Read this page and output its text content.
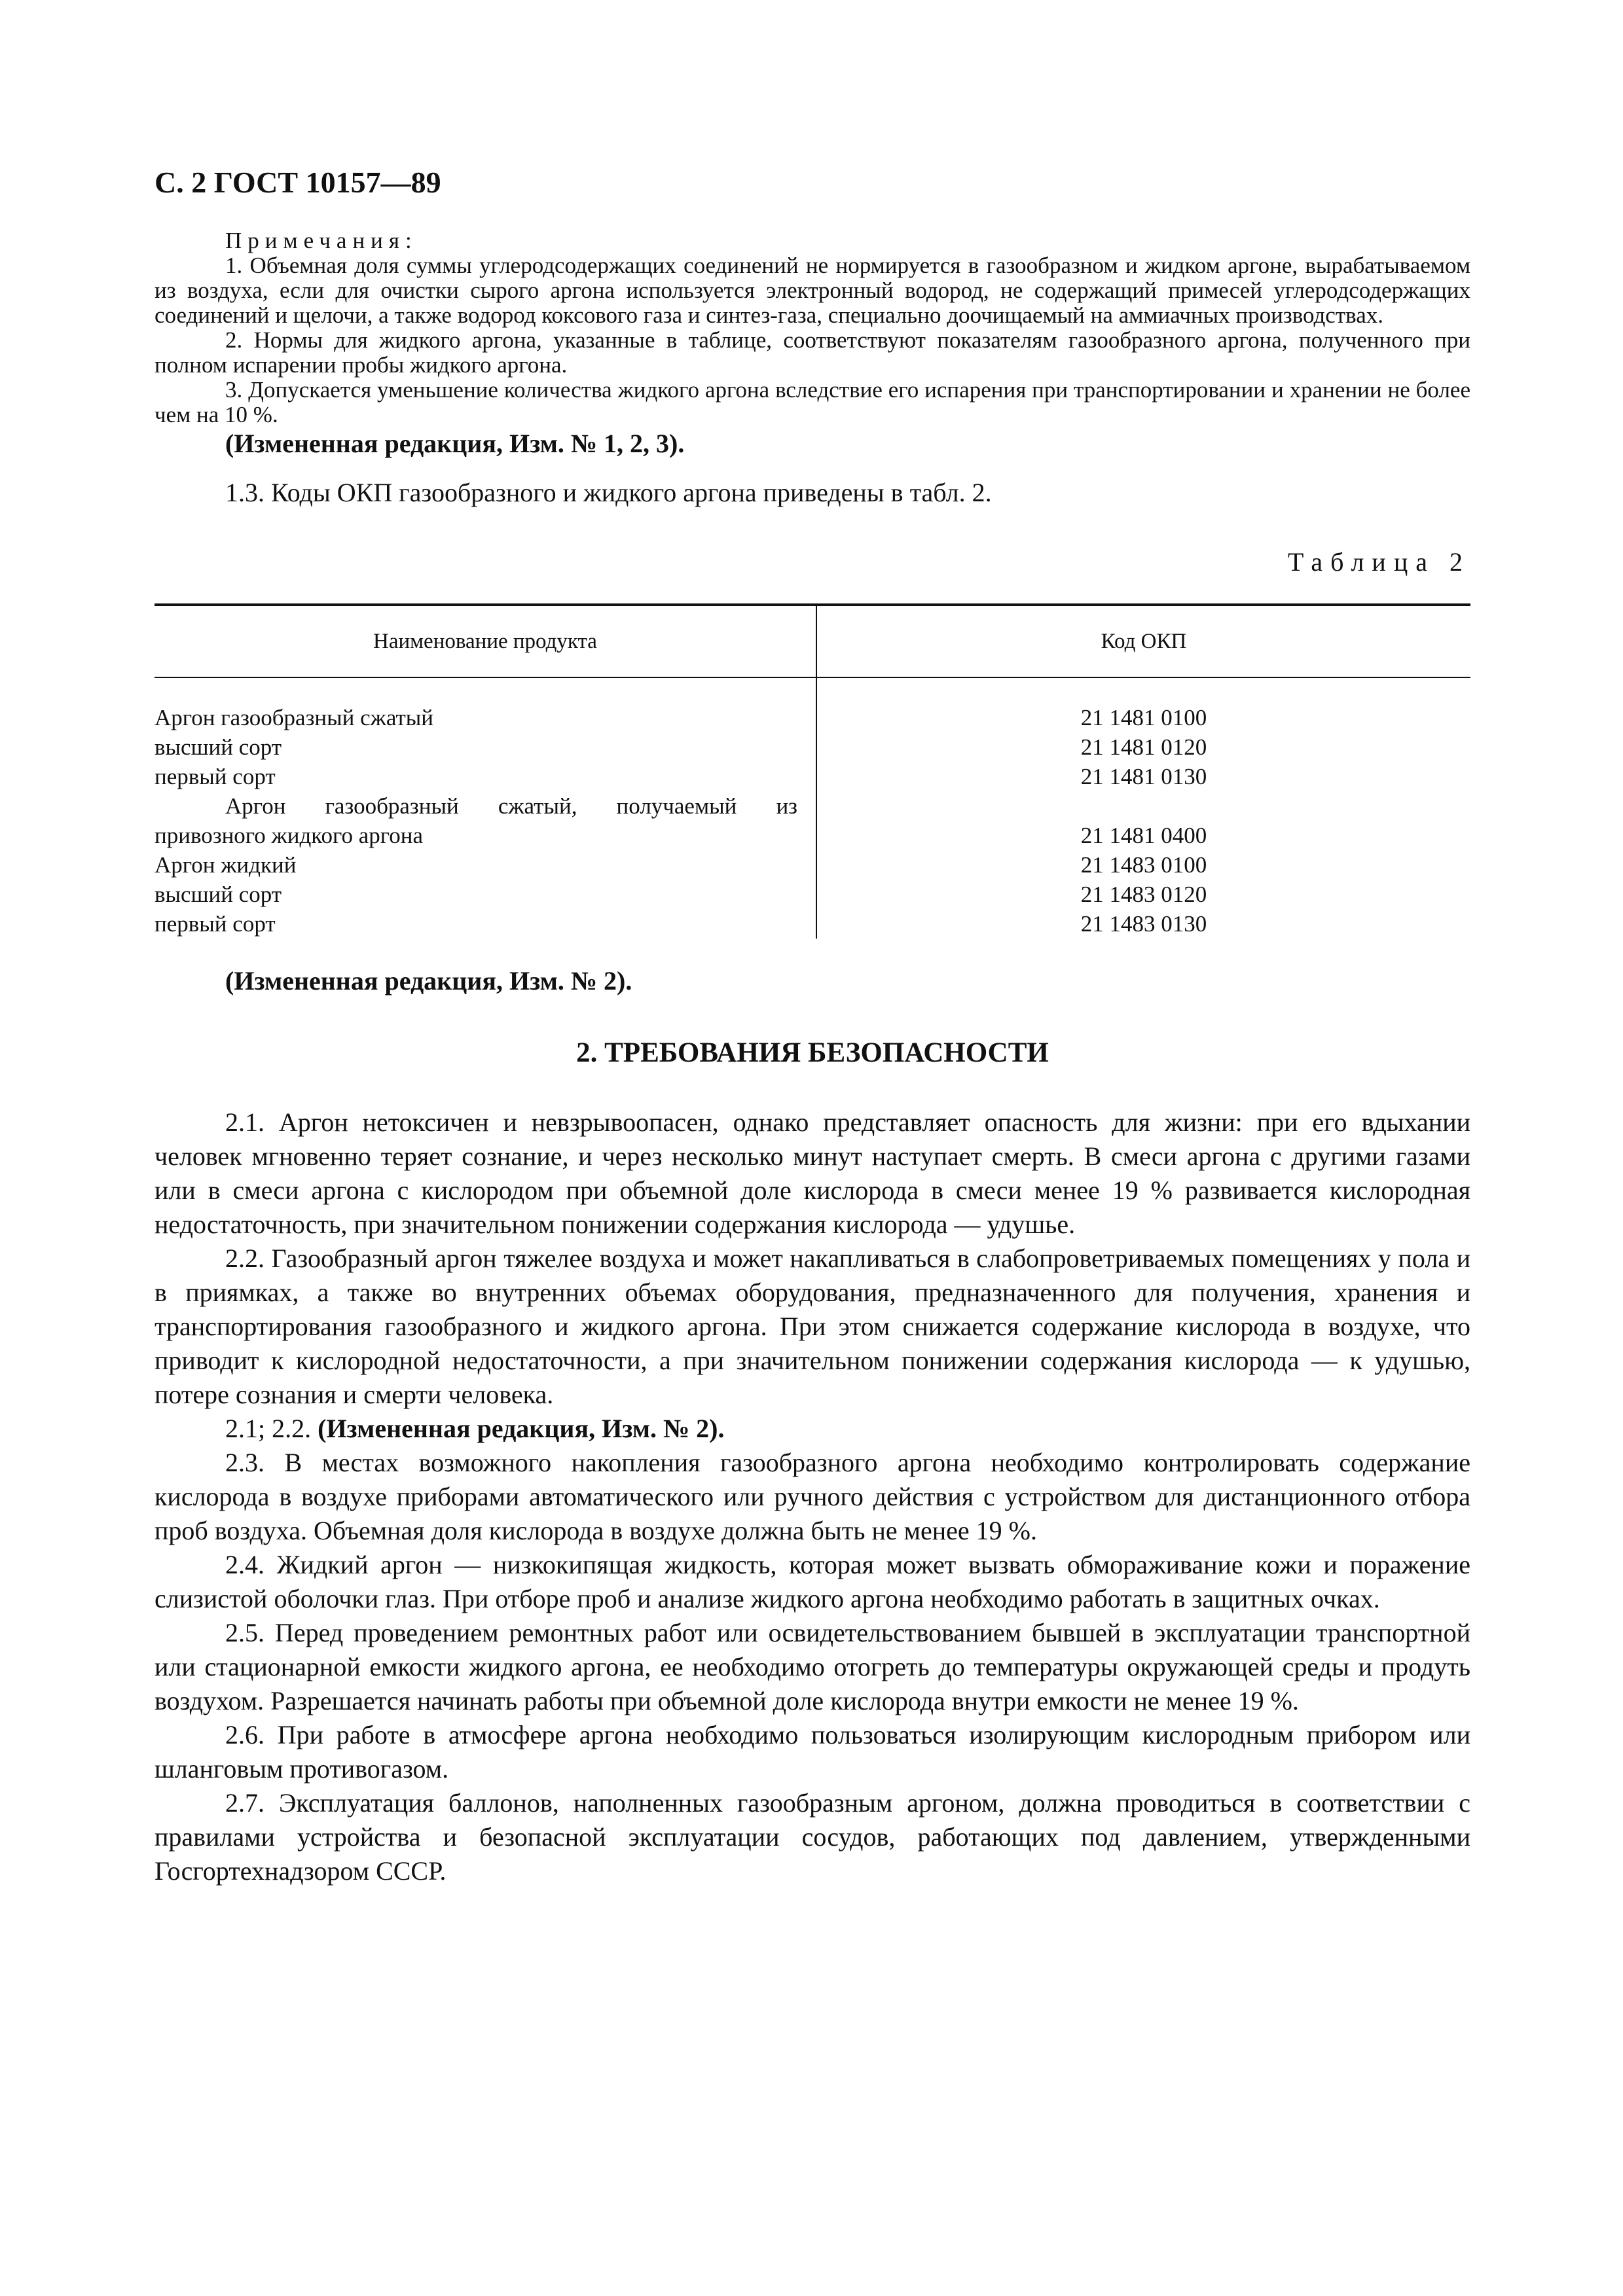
С. 2 ГОСТ 10157—89
Примечания:

1. Объемная доля суммы углеродсодержащих соединений не нормируется в газообразном и жидком аргоне, вырабатываемом из воздуха, если для очистки сырого аргона используется электронный водород, не содержащий примесей углеродсодержащих соединений и щелочи, а также водород коксового газа и синтез-газа, специально доочищаемый на аммиачных производствах.

2. Нормы для жидкого аргона, указанные в таблице, соответствуют показателям газообразного аргона, полученного при полном испарении пробы жидкого аргона.

3. Допускается уменьшение количества жидкого аргона вследствие его испарения при транспортировании и хранении не более чем на 10 %.

(Измененная редакция, Изм. № 1, 2, 3).

1.3. Коды ОКП газообразного и жидкого аргона приведены в табл. 2.

Таблица 2
Наименование продукта	Код ОКП
Аргон газообразный сжатый	21 1481 0100
высший сорт	21 1481 0120
первый сорт	21 1481 0130

Аргон газообразный сжатый, получаемый из
привозного жидкого аргона	21 1481 0400
Аргон жидкий	21 1483 0100
высший сорт	21 1483 0120
первый сорт	21 1483 0130

(Измененная редакция, Изм. № 2).

2. ТРЕБОВАНИЯ БЕЗОПАСНОСТИ

2.1. Аргон нетоксичен и невзрывоопасен, однако представляет опасность для жизни: при его вдыхании человек мгновенно теряет сознание, и через несколько минут наступает смерть. В смеси аргона с другими газами или в смеси аргона с кислородом при объемной доле кислорода в смеси менее 19 % развивается кислородная недостаточность, при значительном понижении содержания кислорода — удушье.

2.2. Газообразный аргон тяжелее воздуха и может накапливаться в слабопроветриваемых помещениях у пола и в приямках, а также во внутренних объемах оборудования, предназначенного для получения, хранения и транспортирования газообразного и жидкого аргона. При этом снижается содержание кислорода в воздухе, что приводит к кислородной недостаточности, а при значительном понижении содержания кислорода — к удушью, потере сознания и смерти человека.

2.1; 2.2. (Измененная редакция, Изм. № 2).

2.3. В местах возможного накопления газообразного аргона необходимо контролировать содержание кислорода в воздухе приборами автоматического или ручного действия с устройством для дистанционного отбора проб воздуха. Объемная доля кислорода в воздухе должна быть не менее 19 %.

2.4. Жидкий аргон — низкокипящая жидкость, которая может вызвать обмораживание кожи и поражение слизистой оболочки глаз. При отборе проб и анализе жидкого аргона необходимо работать в защитных очках.

2.5. Перед проведением ремонтных работ или освидетельствованием бывшей в эксплуатации транспортной или стационарной емкости жидкого аргона, ее необходимо отогреть до температуры окружающей среды и продуть воздухом. Разрешается начинать работы при объемной доле кислорода внутри емкости не менее 19 %.

2.6. При работе в атмосфере аргона необходимо пользоваться изолирующим кислородным прибором или шланговым противогазом.

2.7. Эксплуатация баллонов, наполненных газообразным аргоном, должна проводиться в соответствии с правилами устройства и безопасной эксплуатации сосудов, работающих под давлением, утвержденными Госгортехнадзором СССР.
